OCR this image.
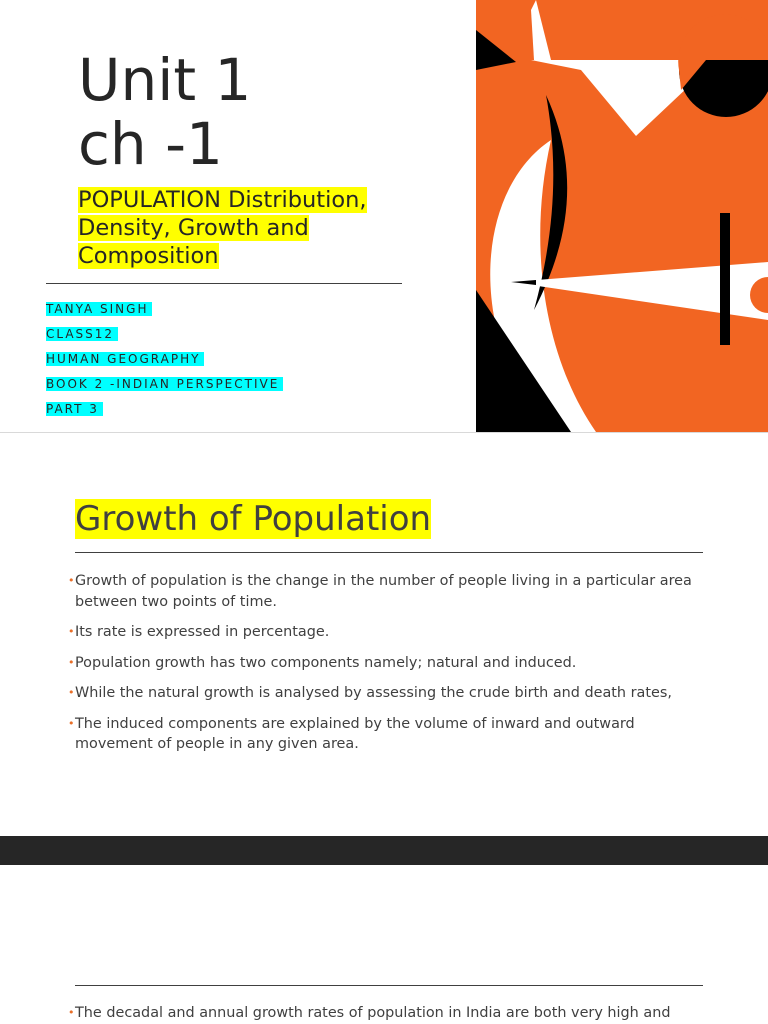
Unit 1
ch -1
POPULATION Distribution, Density, Growth and Composition
TANYA SINGH
CLASS12
HUMAN GEOGRAPHY
BOOK 2 -INDIAN PERSPECTIVE
PART 3
Growth of Population
• Growth of population is the change in the number of people living in a particular area between two points of time.
• Its rate is expressed in percentage.
• Population growth has two components namely; natural and induced.
• While the natural growth is analysed by assessing the crude birth and death rates,
• The induced components are explained by the volume of inward and outward movement of people in any given area.
• The decadal and annual growth rates of population in India are both very high and
